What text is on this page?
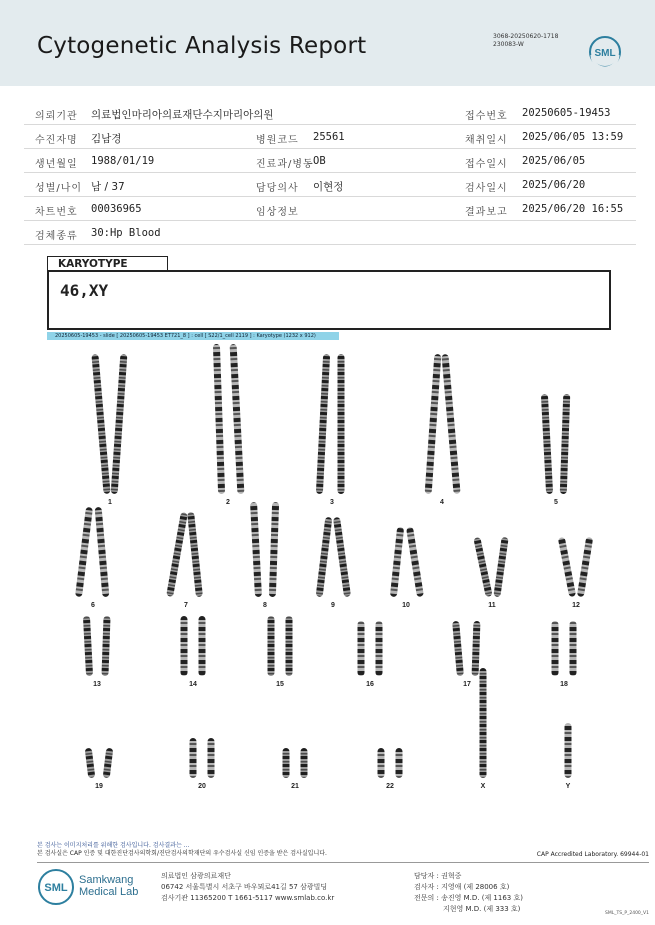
Cytogenetic Analysis Report	3068-20250620-1718
230083-W
SML
의뢰기관 의료법인마리아의료재단수지마리아의원	접수번호 20250605-19453
수진자명 김남경	병원코드 25561	채취일시 2025/06/05 13:59
생년월일 1988/01/19	진료과/병동 OB	접수일시 2025/06/05
성별/나이 남 / 37	담당의사 이현정	검사일시 2025/06/20
차트번호 00036965	임상정보	결과보고 2025/06/20 16:55
검체종류 30:Hp Blood
KARYOTYPE
46,XY
20250605-19453 - slide [ 20250605-19453 ET721_8 ] : cell [ S22/1_cell 2119 ] : Karyotype (1232 x 912)
1	2	3	4	5
6	7	8	9	10	11	12
13	14	15	16	17	18
19	20	21	22	X	Y
본 검사는 이미지처리를 위해한 검사입니다. 검사결과는 ...
본 검사실은 CAP 인증 및 대한진단검사의학회/진단검사의학재단의 우수검사실 신임 인증을 받은 검사실입니다.	CAP Accredited Laboratory. 69944-01
SML
Samkwang
Medical Lab
의료법인 삼광의료재단
06742 서울특별시 서초구 바우뫼로41길 57 삼광빌딩
검사기관 11365200 T 1661-5117 www.smlab.co.kr
담당자 : 권혁중
검사자 : 지영애 (제 28006 호)
전문의 : 송진영 M.D. (제 1163 호)
지현영 M.D. (제 333 호)
SML_TS_P_2400_V1
